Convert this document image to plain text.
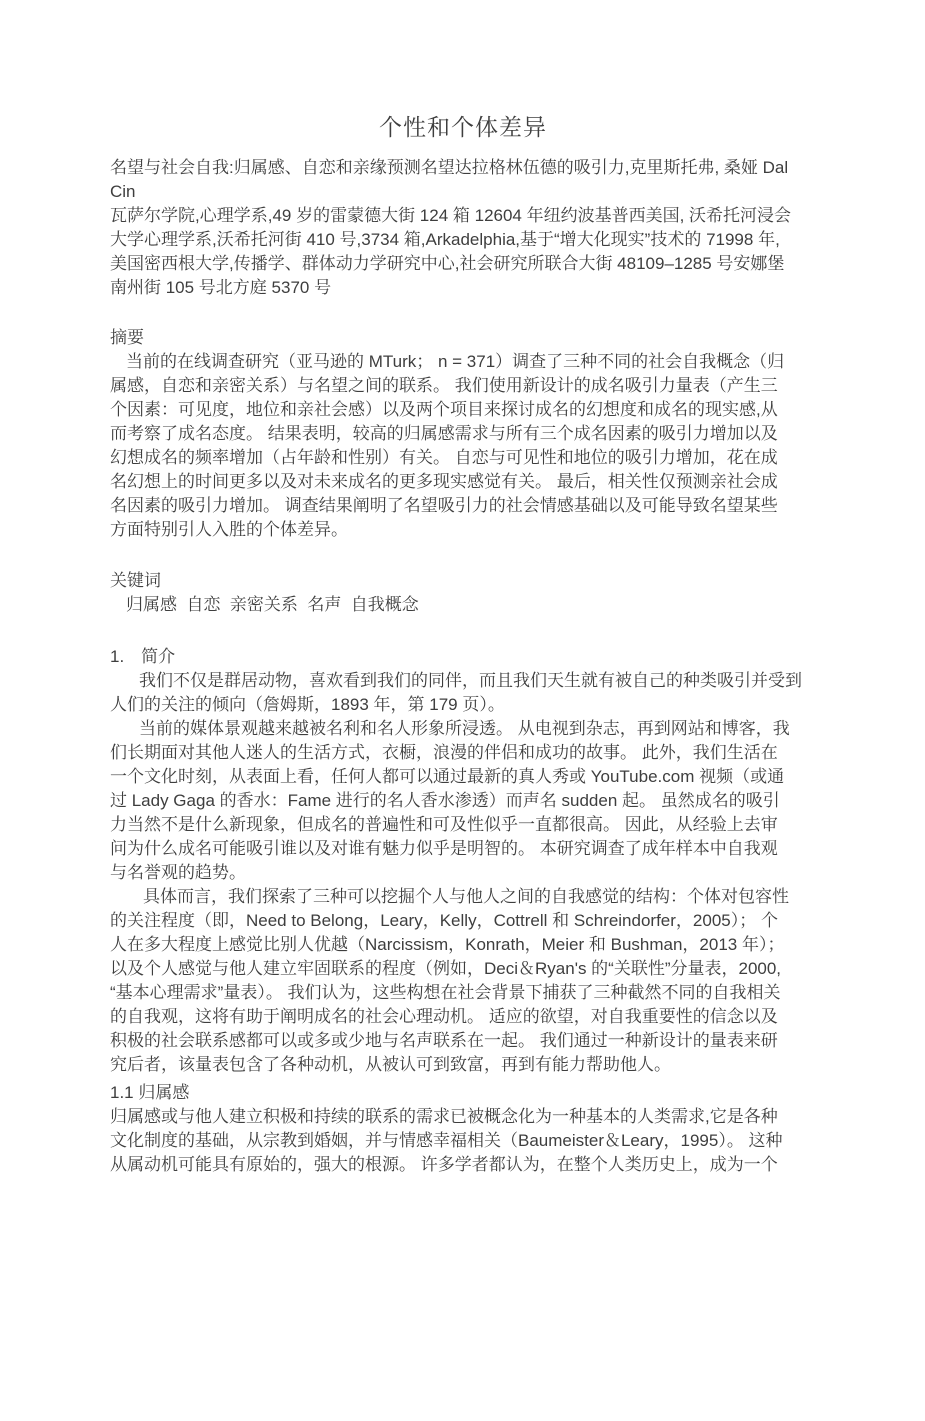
个性和个体差异
名望与社会自我:归属感、自恋和亲缘预测名望达拉格林伍德的吸引力,克里斯托弗, 桑娅 Dal
Cin
瓦萨尔学院,心理学系,49 岁的雷蒙德大街 124 箱 12604 年纽约波基普西美国, 沃希托河浸会
大学心理学系,沃希托河街 410 号,3734 箱,Arkadelphia,基于“增大化现实”技术的 71998 年,
美国密西根大学,传播学、群体动力学研究中心,社会研究所联合大街 48109–1285 号安娜堡
南州街 105 号北方庭 5370 号
摘要
当前的在线调查研究（亚马逊的 MTurk； n = 371）调查了三种不同的社会自我概念（归
属感，自恋和亲密关系）与名望之间的联系。 我们使用新设计的成名吸引力量表（产生三
个因素：可见度，地位和亲社会感）以及两个项目来探讨成名的幻想度和成名的现实感,从
而考察了成名态度。 结果表明，较高的归属感需求与所有三个成名因素的吸引力增加以及
幻想成名的频率增加（占年龄和性别）有关。 自恋与可见性和地位的吸引力增加，花在成
名幻想上的时间更多以及对未来成名的更多现实感觉有关。 最后，相关性仅预测亲社会成
名因素的吸引力增加。 调查结果阐明了名望吸引力的社会情感基础以及可能导致名望某些
方面特别引人入胜的个体差异。
关键词
归属感  自恋  亲密关系  名声  自我概念
1.　简介
我们不仅是群居动物，喜欢看到我们的同伴，而且我们天生就有被自己的种类吸引并受到
人们的关注的倾向（詹姆斯，1893 年，第 179 页）。
当前的媒体景观越来越被名利和名人形象所浸透。 从电视到杂志，再到网站和博客，我
们长期面对其他人迷人的生活方式，衣橱，浪漫的伴侣和成功的故事。 此外，我们生活在
一个文化时刻，从表面上看，任何人都可以通过最新的真人秀或 YouTube.com 视频（或通
过 Lady Gaga 的香水：Fame 进行的名人香水渗透）而声名 sudden 起。 虽然成名的吸引
力当然不是什么新现象，但成名的普遍性和可及性似乎一直都很高。 因此，从经验上去审
问为什么成名可能吸引谁以及对谁有魅力似乎是明智的。 本研究调查了成年样本中自我观
与名誉观的趋势。
具体而言，我们探索了三种可以挖掘个人与他人之间的自我感觉的结构：个体对包容性
的关注程度（即，Need to Belong，Leary，Kelly，Cottrell 和 Schreindorfer，2005）； 个
人在多大程度上感觉比别人优越（Narcissism，Konrath，Meier 和 Bushman，2013 年）；
以及个人感觉与他人建立牢固联系的程度（例如，Deci＆Ryan's 的“关联性”分量表，2000,
“基本心理需求”量表）。 我们认为，这些构想在社会背景下捕获了三种截然不同的自我相关
的自我观，这将有助于阐明成名的社会心理动机。 适应的欲望，对自我重要性的信念以及
积极的社会联系感都可以或多或少地与名声联系在一起。 我们通过一种新设计的量表来研
究后者，该量表包含了各种动机，从被认可到致富，再到有能力帮助他人。
1.1 归属感
归属感或与他人建立积极和持续的联系的需求已被概念化为一种基本的人类需求,它是各种
文化制度的基础，从宗教到婚姻，并与情感幸福相关（Baumeister＆Leary，1995）。 这种
从属动机可能具有原始的，强大的根源。 许多学者都认为，在整个人类历史上，成为一个
